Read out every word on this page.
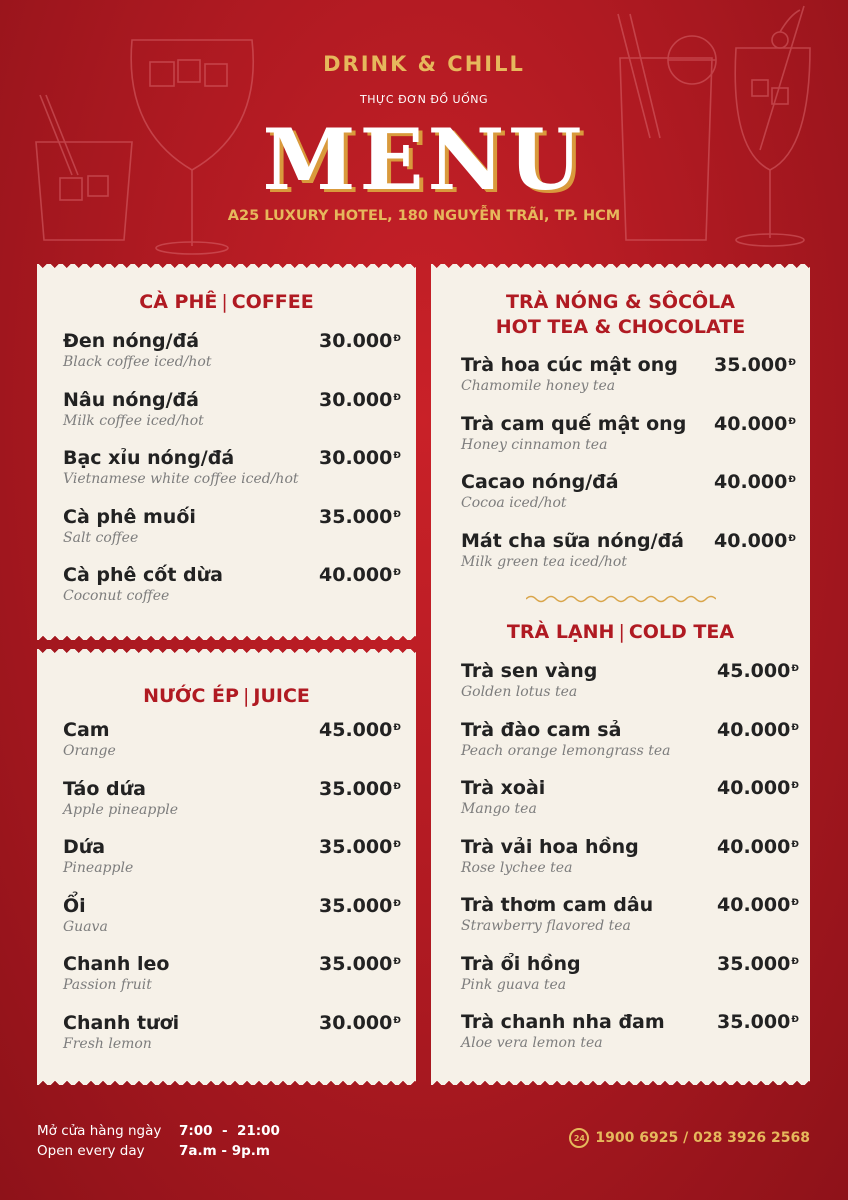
DRINK & CHILL
THỰC ĐƠN ĐỒ UỐNG
MENU
A25 LUXURY HOTEL, 180 NGUYỄN TRÃI, TP. HCM
CÀ PHÊ | COFFEE
Đen nóng/đá
Black coffee iced/hot
$30.000^Đ$
Nâu nóng/đá
Milk coffee iced/hot
$30.000^Đ$
Bạc xỉu nóng/đá
Vietnamese white coffee iced/hot
$30.000^Đ$
Cà phê muối
Salt coffee
$35.000^Đ$
Cà phê cốt dừa
Coconut coffee
$40.000^Đ$
NƯỚC ÉP | JUICE
Cam
Orange
$45.000^Đ$
Táo dứa
Apple pineapple
$35.000^Đ$
Dứa
Pineapple
$35.000^Đ$
Ổi
Guava
$35.000^Đ$
Chanh leo
Passion fruit
$35.000^Đ$
Chanh tươi
Fresh lemon
$30.000^Đ$
TRÀ NÓNG & SÔCÔLA
HOT TEA & CHOCOLATE
Trà hoa cúc mật ong
Chamomile honey tea
$35.000^Đ$
Trà cam quế mật ong
Honey cinnamon tea
$40.000^Đ$
Cacao nóng/đá
Cocoa iced/hot
$40.000^Đ$
Mát cha sữa nóng/đá
Milk green tea iced/hot
$40.000^Đ$
TRÀ LẠNH | COLD TEA
Trà sen vàng
Golden lotus tea
$45.000^Đ$
Trà đào cam sả
Peach orange lemongrass tea
$40.000^Đ$
Trà xoài
Mango tea
$40.000^Đ$
Trà vải hoa hồng
Rose lychee tea
$40.000^Đ$
Trà thơm cam dâu
Strawberry flavored tea
$40.000^Đ$
Trà ổi hồng
Pink guava tea
$35.000^Đ$
Trà chanh nha đam
Aloe vera lemon tea
$35.000^Đ$
Mở cửa hàng ngày 7:00  -  21:00
Open every day	7a.m - 9p.m
24 1900 6925 / 028 3926 2568
